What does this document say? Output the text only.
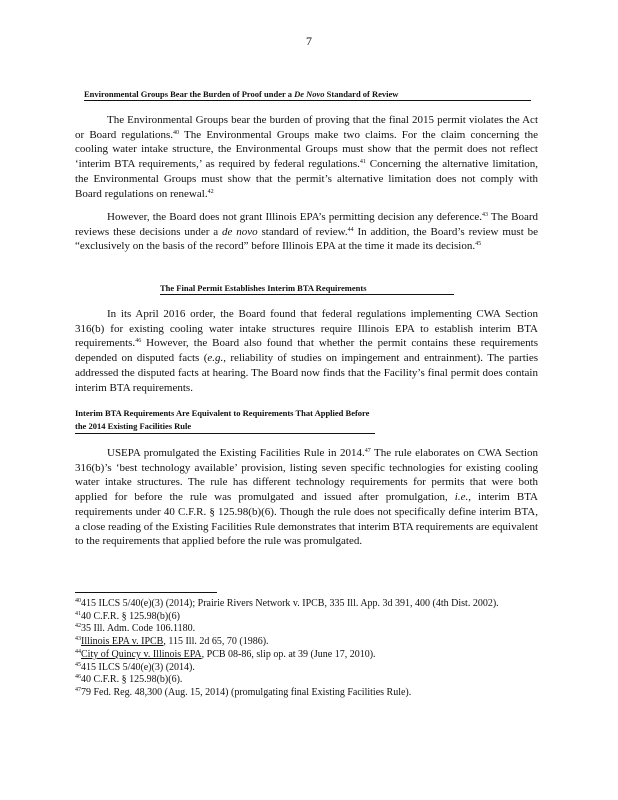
7
Environmental Groups Bear the Burden of Proof under a De Novo Standard of Review

The Environmental Groups bear the burden of proving that the final 2015 permit violates the Act or Board regulations.$^{40}$ The Environmental Groups make two claims. For the claim concerning the cooling water intake structure, the Environmental Groups must show that the permit does not reflect ‘interim BTA requirements,’ as required by federal regulations.$^{41}$ Concerning the alternative limitation, the Environmental Groups must show that the permit’s alternative limitation does not comply with Board regulations on renewal.$^{42}$

However, the Board does not grant Illinois EPA’s permitting decision any deference.$^{43}$ The Board reviews these decisions under a de novo standard of review.$^{44}$ In addition, the Board’s review must be “exclusively on the basis of the record” before Illinois EPA at the time it made its decision.$^{45}$

The Final Permit Establishes Interim BTA Requirements

In its April 2016 order, the Board found that federal regulations implementing CWA Section 316(b) for existing cooling water intake structures require Illinois EPA to establish interim BTA requirements.$^{46}$ However, the Board also found that whether the permit contains these requirements depended on disputed facts (e.g., reliability of studies on impingement and entrainment). The parties addressed the disputed facts at hearing. The Board now finds that the Facility’s final permit does contain interim BTA requirements.

Interim BTA Requirements Are Equivalent to Requirements That Applied Before the 2014 Existing Facilities Rule

USEPA promulgated the Existing Facilities Rule in 2014.47 The rule elaborates on CWA Section 316(b)’s ‘best technology available’ provision, listing seven specific technologies for existing cooling water intake structures. The rule has different technology requirements for permits that were both applied for before the rule was promulgated and issued after promulgation, i.e., interim BTA requirements under 40 C.F.R. § 125.98(b)(6). Though the rule does not specifically define interim BTA, a close reading of the Existing Facilities Rule demonstrates that interim BTA requirements are equivalent to the requirements that applied before the rule was promulgated.

$^{40}$415 ILCS 5/40(e)(3) (2014); Prairie Rivers Network v. IPCB, 335 Ill. App. 3d 391, 400 (4th Dist. 2002).

$^{41}$40 C.F.R. § 125.98(b)(6)

$^{42}$35 Ill. Adm. Code 106.1180.

$^{43}$Illinois EPA v. IPCB, 115 Ill. 2d 65, 70 (1986).

$^{44}$City of Quincy v. Illinois EPA, PCB 08-86, slip op. at 39 (June 17, 2010).

$^{45}$415 ILCS 5/40(e)(3) (2014).

$^{46}$40 C.F.R. § 125.98(b)(6).

$^{47}$79 Fed. Reg. 48,300 (Aug. 15, 2014) (promulgating final Existing Facilities Rule).
